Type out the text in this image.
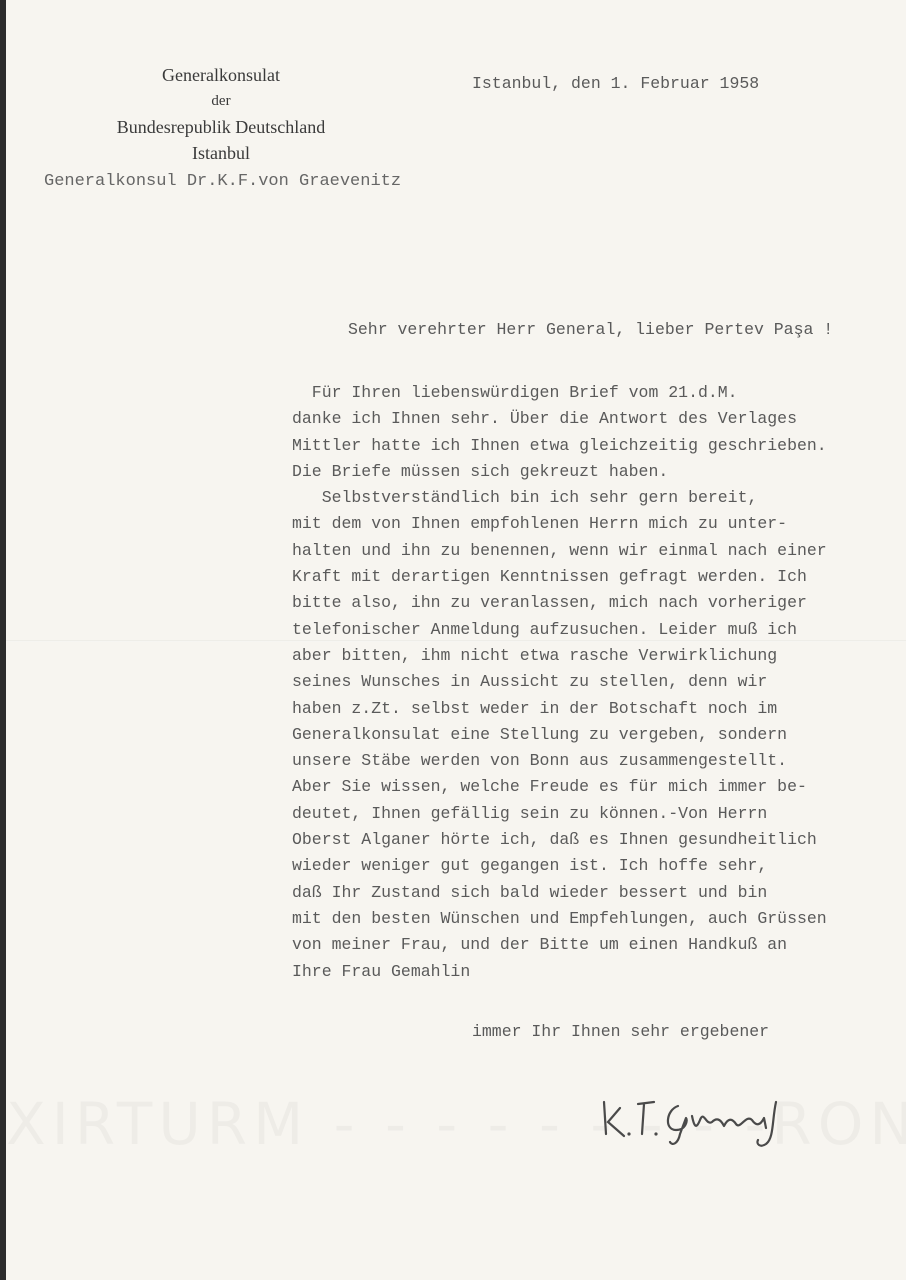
Generalkonsulat
der
Bundesrepublik Deutschland
Istanbul
Generalkonsul Dr.K.F.von Graevenitz
Istanbul, den 1. Februar 1958
Sehr verehrter Herr General, lieber Pertev Paşa !
Für Ihren liebenswürdigen Brief vom 21.d.M.
danke ich Ihnen sehr. Über die Antwort des Verlages
Mittler hatte ich Ihnen etwa gleichzeitig geschrieben.
Die Briefe müssen sich gekreuzt haben.
Selbstverständlich bin ich sehr gern bereit,
mit dem von Ihnen empfohlenen Herrn mich zu unter-
halten und ihn zu benennen, wenn wir einmal nach einer
Kraft mit derartigen Kenntnissen gefragt werden. Ich
bitte also, ihn zu veranlassen, mich nach vorheriger
telefonischer Anmeldung aufzusuchen. Leider muß ich
aber bitten, ihm nicht etwa rasche Verwirklichung
seines Wunsches in Aussicht zu stellen, denn wir
haben z.Zt. selbst weder in der Botschaft noch im
Generalkonsulat eine Stellung zu vergeben, sondern
unsere Stäbe werden von Bonn aus zusammengestellt.
Aber Sie wissen, welche Freude es für mich immer be-
deutet, Ihnen gefällig sein zu können.-Von Herrn
Oberst Alganer hörte ich, daß es Ihnen gesundheitlich
wieder weniger gut gegangen ist. Ich hoffe sehr,
daß Ihr Zustand sich bald wieder bessert und bin
mit den besten Wünschen und Empfehlungen, auch Grüssen
von meiner Frau, und der Bitte um einen Handkuß an
Ihre Frau Gemahlin
immer Ihr Ihnen sehr ergebener
